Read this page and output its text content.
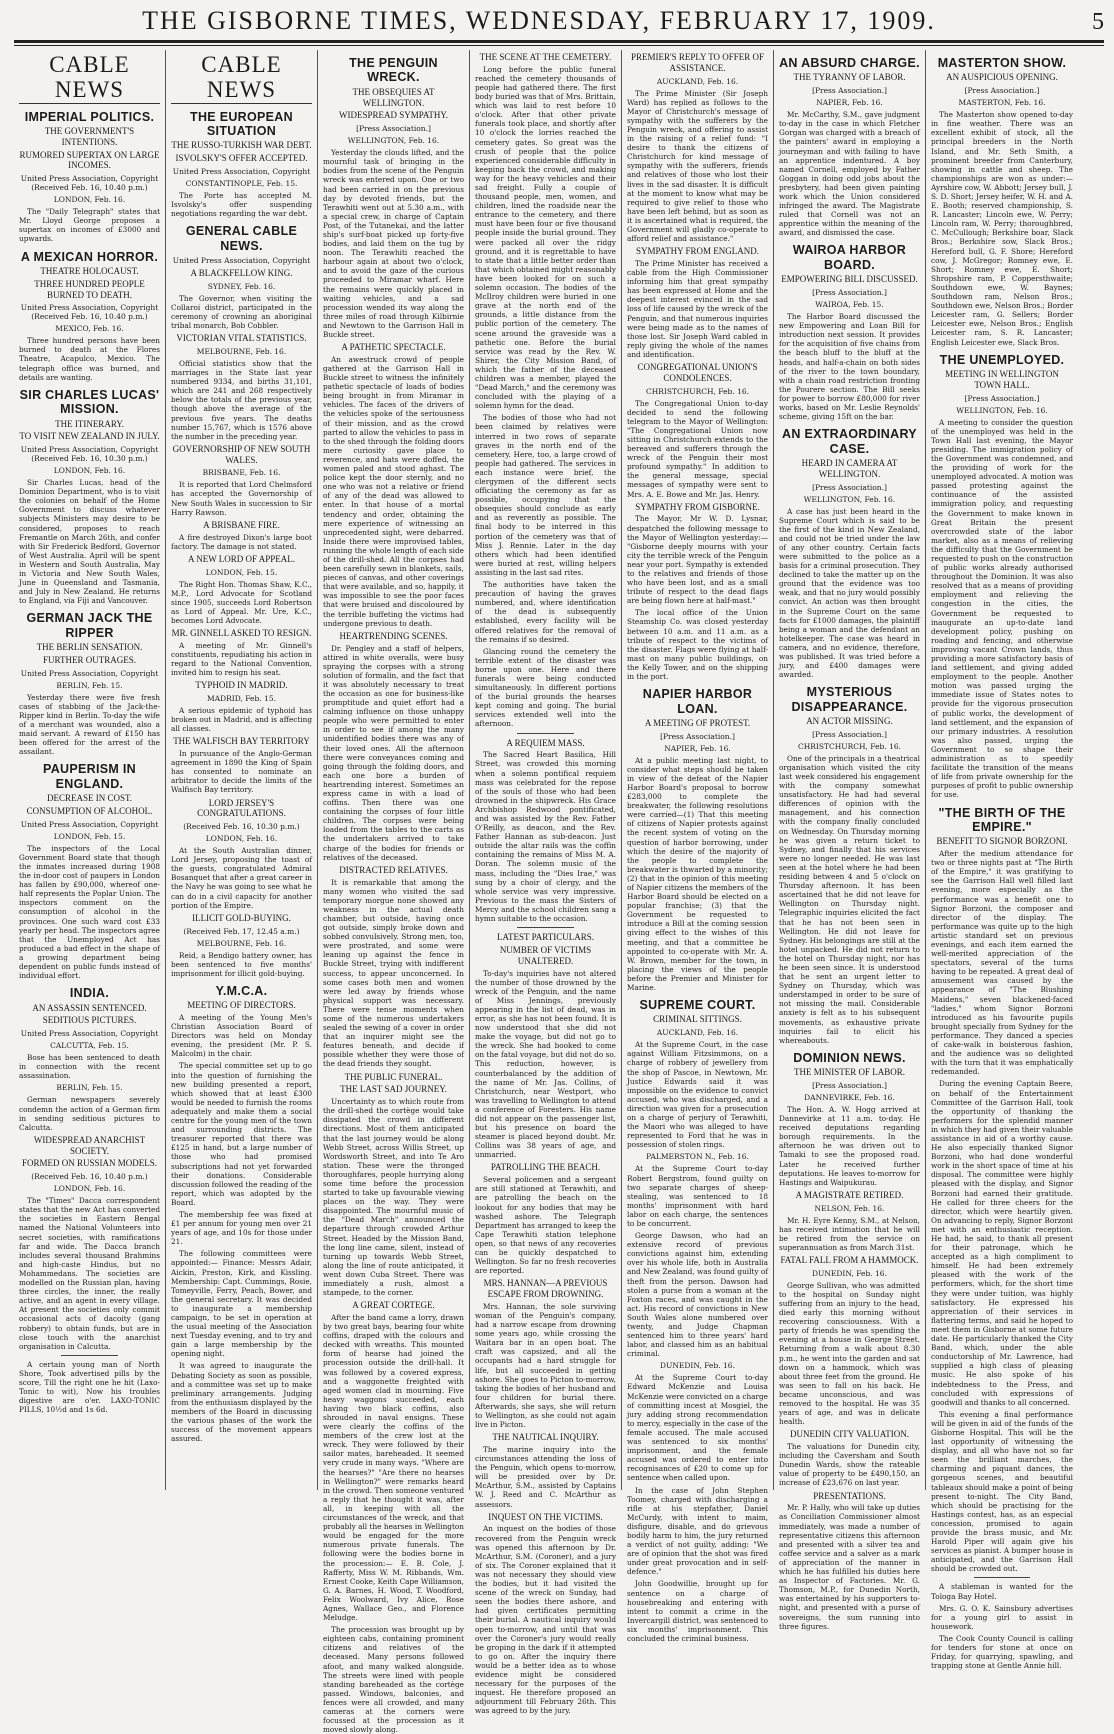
THE GISBORNE TIMES, WEDNESDAY, FEBRUARY 17, 1909.	5
CABLE NEWS
IMPERIAL POLITICS.
THE GOVERNMENT'S INTENTIONS.
RUMORED SUPERTAX ON LARGE INCOMES.
United Press Association, Copyright (Received Feb. 16, 10.40 p.m.)
LONDON, Feb. 16.
The "Daily Telegraph" states that Mr. Lloyd George proposes a supertax on incomes of £3000 and upwards.
A MEXICAN HORROR.
THEATRE HOLOCAUST.
THREE HUNDRED PEOPLE BURNED TO DEATH.
United Press Association, Copyright (Received Feb. 16, 10.40 p.m.)
MEXICO, Feb. 16.
Three hundred persons have been burned to death at the Flores Theatre, Acapulco, Mexico. The telegraph office was burned, and details are wanting.
SIR CHARLES LUCAS' MISSION.
THE ITINERARY.
TO VISIT NEW ZEALAND IN JULY.
United Press Association, Copyright (Received Feb. 16, 10.30 p.m.)
LONDON, Feb. 16.
Sir Charles Lucas, head of the Dominion Department, who is to visit the colonies on behalf of the Home Government to discuss whatever subjects Ministers may desire to be considered, proposes to reach Fremantle on March 26th, and confer with Sir Frederick Bedford, Governor of West Australia. April will be spent in Western and South Australia, May in Victoria and New South Wales, June in Queensland and Tasmania, and July in New Zealand. He returns to England, via Fiji and Vancouver.
GERMAN JACK THE RIPPER
THE BERLIN SENSATION.
FURTHER OUTRAGES.
United Press Association, Copyright
BERLIN, Feb. 15.
Yesterday there were five fresh cases of stabbing of the Jack-the-Ripper kind in Berlin. To-day the wife of a merchant was wounded, also a maid servant. A reward of £150 has been offered for the arrest of the assailant.
PAUPERISM IN ENGLAND.
DECREASE IN COST.
CONSUMPTION OF ALCOHOL.
United Press Association, Copyright
LONDON, Feb. 15.
The inspectors of the Local Government Board state that though the inmates increased during 1908 the in-door cost of paupers in London has fallen by £90,000, whereof one-half represents the Poplar Union. The inspectors comment on the consumption of alcohol in the provinces. One such ward cost £33 yearly per head. The inspectors agree that the Unemployed Act has produced a bad effect in the shape of a growing department being dependent on public funds instead of individual effort.
INDIA.
AN ASSASSIN SENTENCED.
SEDITIOUS PICTURES.
United Press Association, Copyright
CALCUTTA, Feb. 15.
Bose has been sentenced to death in connection with the recent assassination.
BERLIN, Feb. 15.
German newspapers severely condemn the action of a German firm in sending seditious pictures to Calcutta.
WIDESPREAD ANARCHIST SOCIETY.
FORMED ON RUSSIAN MODELS.
(Received Feb. 16, 10.40 p.m.)
LONDON, Feb. 16.
The "Times" Dacca correspondent states that the new Act has converted the societies in Eastern Bengal named the National Volunteers into secret societies, with ramifications far and wide. The Dacca branch includes several thousand Brahmins and high-caste Hindus, but no Mohammedans. The societies are modelled on the Russian plan, having three circles, the inner, the really active, and an agent in every village. At present the societies only commit occasional acts of dacoity (gang robbery) to obtain funds, but are in close touch with the anarchist organisation in Calcutta.
A certain young man of North Shore, Took advertised pills by the score, Till the right one he hit (Laxo-Tonic to wit), Now his troubles digestive are o'er. LAXO-TONIC PILLS, 10½d and 1s 6d.
CABLE NEWS
THE EUROPEAN SITUATION
THE RUSSO-TURKISH WAR DEBT.
ISVOLSKY'S OFFER ACCEPTED.
United Press Association, Copyright
CONSTANTINOPLE, Feb. 15.
The Porte has accepted M. Isvolsky's offer suspending negotiations regarding the war debt.
GENERAL CABLE NEWS.
United Press Association, Copyright
A BLACKFELLOW KING.
SYDNEY, Feb. 16.
The Governor, when visiting the Collaroi district, participated in the ceremony of crowning an aboriginal tribal monarch, Bob Cobbler.
VICTORIAN VITAL STATISTICS.
MELBOURNE, Feb. 16.
Official statistics show that the marriages in the State last year numbered 9334, and births 31,101, which are 241 and 268 respectively below the totals of the previous year, though above the average of the previous five years. The deaths number 15,767, which is 1576 above the number in the preceding year.
GOVERNORSHIP OF NEW SOUTH WALES.
BRISBANE, Feb. 16.
It is reported that Lord Chelmsford has accepted the Governorship of New South Wales in succession to Sir Harry Rawson.
A BRISBANE FIRE.
A fire destroyed Dixon's large boot factory. The damage is not stated.
A NEW LORD OF APPEAL.
LONDON, Feb. 15.
The Right Hon. Thomas Shaw, K.C., M.P., Lord Advocate for Scotland since 1905, succeeds Lord Robertson as Lord of Appeal. Mr. Ure, K.C., becomes Lord Advocate.
MR. GINNELL ASKED TO RESIGN.
A meeting of Mr. Ginnell's constituents, repudiating his action in regard to the National Convention, invited him to resign his seat.
TYPHOID IN MADRID.
MADRID, Feb. 15.
A serious epidemic of typhoid has broken out in Madrid, and is affecting all classes.
THE WALFISCH BAY TERRITORY
In pursuance of the Anglo-German agreement in 1890 the King of Spain has consented to nominate an arbitrator to decide the limits of the Walfisch Bay territory.
LORD JERSEY'S CONGRATULATIONS.
(Received Feb. 16, 10.30 p.m.)
LONDON, Feb. 16.
At the South Australian dinner, Lord Jersey, proposing the toast of the guests, congratulated Admiral Bosanquet that after a great career in the Navy he was going to see what he can do in a civil capacity for another portion of the Empire.
ILLICIT GOLD-BUYING.
(Received Feb. 17, 12.45 a.m.)
MELBOURNE, Feb. 16.
Reid, a Bendigo battery owner, has been sentenced to five months' imprisonment for illicit gold-buying.
Y.M.C.A.
MEETING OF DIRECTORS.
A meeting of the Young Men's Christian Association Board of Directors was held on Monday evening, the president (Mr. P. S. Malcolm) in the chair.
The special committee set up to go into the question of furnishing the new building presented a report, which showed that at least £300 would be needed to furnish the rooms adequately and make them a social centre for the young men of the town and surrounding districts. The treasurer reported that there was £125 in hand, but a large number of those who had promised subscriptions had not yet forwarded their donations. Considerable discussion followed the reading of the report, which was adopted by the Board.
The membership fee was fixed at £1 per annum for young men over 21 years of age, and 10s for those under 21.
The following committees were appointed:— Finance: Messrs Adair, Aickin, Preston, Kirk, and Kissling. Membership: Capt. Cummings, Rosie, Tomeyville, Ferry, Peach, Bower, and the general secretary. It was decided to inaugurate a membership campaign, to be set in operation at the usual meeting of the Association next Tuesday evening, and to try and gain a large membership by the opening night.
It was agreed to inaugurate the Debating Society as soon as possible, and a committee was set up to make preliminary arrangements. Judging from the enthusiasm displayed by the members of the Board in discussing the various phases of the work the success of the movement appears assured.
THE PENGUIN WRECK.
THE OBSEQUIES AT WELLINGTON.
WIDESPREAD SYMPATHY.
[Press Association.]
WELLINGTON, Feb. 16.
Yesterday the clouds lifted, and the mournful task of bringing in the bodies from the scene of the Penguin wreck was entered upon. One or two had been carried in on the previous day by devoted friends, but the Terawhiti went out at 5.30 a.m., with a special crew, in charge of Captain Post, of the Tutanekai, and the latter ship's surf-boat picked up forty-five bodies, and laid them on the tug by noon. The Terawhiti reached the harbour again at about two o'clock, and to avoid the gaze of the curious proceeded to Miramar wharf. Here the remains were quickly placed in waiting vehicles, and a sad procession wended its way along the three miles of road through Kilbirnie and Newtown to the Garrison Hall in Buckle street.
A PATHETIC SPECTACLE.
An awestruck crowd of people gathered at the Garrison Hall in Buckle street to witness the infinitely pathetic spectacle of loads of bodies being brought in from Miramar in vehicles. The faces of the drivers of the vehicles spoke of the seriousness of their mission, and as the crowd parted to allow the vehicles to pass in to the shed through the folding doors mere curiosity gave place to reverence, and hats were doffed, the women paled and stood aghast. The police kept the door sternly, and no one who was not a relative or friend of any of the dead was allowed to enter. In that house of a mortal tendency and order, obtaining the mere experience of witnessing an unprecedented sight, were debarred. Inside there were improvised tables, running the whole length of each side of the drill-shed. All the corpses had been carefully sewn in blankets, sails, pieces of canvas, and other coverings that were available, and so, happily, it was impossible to see the poor faces that were bruised and discoloured by the terrible buffeting the victims had undergone previous to death.
HEARTRENDING SCENES.
Dr. Pengley and a staff of helpers, attired in white overalls, were busy spraying the corpses with a strong solution of formalin, and the fact that it was absolutely necessary to treat the occasion as one for business-like promptitude and quiet effort had a calming influence on those unhappy people who were permitted to enter in order to see if among the many unidentified bodies there was any of their loved ones. All the afternoon there were conveyances coming and going through the folding doors, and each one bore a burden of heartrending interest. Sometimes an express came in with a load of coffins. Then there was one containing the corpses of four little children. The corpses were being loaded from the tables to the carts as the undertakers arrived to take charge of the bodies for friends or relatives of the deceased.
DISTRACTED RELATIVES.
It is remarkable that among the many women who visited the sad temporary morgue none showed any weakness in the actual death chamber, but outside, having once got outside, simply broke down and sobbed convulsively. Strong men, too, were prostrated, and some were leaning up against the fence in Buckle Street, trying with indifferent success, to appear unconcerned. In some cases both men and women were led away by friends whose physical support was necessary. There were tense moments when some of the numerous undertakers sealed the sewing of a cover in order that an inquirer might see the features beneath, and decide if possible whether they were those of the dead friends they sought.
THE PUBLIC FUNERAL.
THE LAST SAD JOURNEY.
Uncertainty as to which route from the drill-shed the cortège would take dissipated the crowd in different directions. Most of them anticipated that the last journey would be along Webb Street, across Willis Street, up Wordsworth Street, and into Te Aro station. These were the thronged thoroughfares, people hurrying along some time before the procession started to take up favourable viewing places on the way. They were disappointed. The mournful music of the "Dead March" announced the departure through crowded Arthur Street. Headed by the Mission Band, the long line came, silent, instead of turning up towards Webb Street, along the line of route anticipated, it went down Cuba Street. There was immediately a rush, almost a stampede, to the corner.
A GREAT CORTEGE.
After the band came a lorry, drawn by two great bays, bearing four white coffins, draped with the colours and decked with wreaths. This mounted form of hearse had joined the procession outside the drill-hall. It was followed by a covered express, and a waggonette freighted with aged women clad in mourning. Five heavy waggons succeeded, each having two black coffins, also shrouded in naval ensigns. These were clearly the coffins of the members of the crew lost at the wreck. They were followed by their sailor mates, bareheaded. It seemed very crude in many ways. "Where are the hearses?" "Are there no hearses in Wellington?" were remarks heard in the crowd. Then someone ventured a reply that he thought it was, after all, in keeping with all the circumstances of the wreck, and that probably all the hearses in Wellington would be engaged for the more numerous private funerals. The following were the bodies borne in the procession:— E. B. Cole, J. Rafferty, Miss W. M. Ribbands, Wm. Ernest Cooke, Keith Cape Williamson, G. A. Barnes, H. Wood, T. Woodford, Felix Woolward, Ivy Alice, Rose Agnes, Wallace Geo., and Florence Meludge.
The procession was brought up by eighteen cabs, containing prominent citizens and relatives of the deceased. Many persons followed afoot, and many walked alongside. The streets were lined with people standing bareheaded as the cortège passed. Windows, balconies, and fences were all crowded, and many cameras at the corners were focussed at the procession as it moved slowly along.
THE SCENE AT THE CEMETERY.
Long before the public funeral reached the cemetery thousands of people had gathered there. The first body buried was that of Mrs. Brittain, which was laid to rest before 10 o'clock. After that other private funerals took place, and shortly after 10 o'clock the lorries reached the cemetery gates. So great was the crush of people that the police experienced considerable difficulty in keeping back the crowd, and making way for the heavy vehicles and their sad freight. Fully a couple of thousand people, men, women, and children, lined the roadside near the entrance to the cemetery, and there must have been four or five thousand people inside the burial ground. They were packed all over the ridgy ground, and it is regrettable to have to state that a little better order than that which obtained might reasonably have been looked for on such a solemn occasion. The bodies of the McIlroy children were buried in one grave at the north end of the grounds, a little distance from the public portion of the cemetery. The scene around the graveside was a pathetic one. Before the burial service was read by the Rev. W. Shirer, the City Mission Band, of which the father of the deceased children was a member, played the "Dead March," and the ceremony was concluded with the playing of a solemn hymn for the dead.
The bodies of those who had not been claimed by relatives were interred in two rows of separate graves in the north end of the cemetery. Here, too, a large crowd of people had gathered. The services in each instance were brief, the clergymen of the different sects officiating the ceremony as far as possible, occupying that the obsequies should conclude as early and as reverently as possible. The final body to be interred in this portion of the cemetery was that of Miss J. Rennie. Later in the day others which had been identified were buried at rest, willing helpers assisting in the last sad rites.
The authorities have taken the precaution of having the graves numbered, and, where identification of the dead is subsequently established, every facility will be offered relatives for the removal of the remains if so desired.
Glancing round the cemetery the terrible extent of the disaster was borne upon one. Here and there funerals were being conducted simultaneously. In different portions of the burial grounds the hearses kept coming and going. The burial services extended well into the afternoon.
A REQUIEM MASS.
The Sacred Heart Basilica, Hill Street, was crowded this morning when a solemn pontifical requiem mass was celebrated for the repose of the souls of those who had been drowned in the shipwreck. His Grace Archbishop Redwood pontificated, and was assisted by the Rev. Father O'Reilly, as deacon, and the Rev. Father Hannan as sub-deacon. Just outside the altar rails was the coffin containing the remains of Miss M. A. Doran. The solemn music of the mass, including the "Dies Irae," was sung by a choir of clergy, and the whole service was very impressive. Previous to the mass the Sisters of Mercy and the school children sang a hymn suitable to the occasion.
LATEST PARTICULARS.
NUMBER OF VICTIMS UNALTERED.
To-day's inquiries have not altered the number of those drowned by the wreck of the Penguin, and the name of Miss Jennings, previously appearing in the list of dead, was in error, as she has not been found. It is now understood that she did not make the voyage, but did not go to the wreck. She had booked to come on the fatal voyage, but did not do so. This reduction, however, is counterbalanced by the addition of the name of Mr. Jas. Collins, of Christchurch, near Westport, who was travelling to Wellington to attend a conference of Foresters. His name did not appear on the passenger list, but his presence on board the steamer is placed beyond doubt. Mr. Collins was 38 years of age, and unmarried.
PATROLLING THE BEACH.
Several policemen and a sergeant are still stationed at Terawhiti, and are patrolling the beach on the lookout for any bodies that may be washed ashore. The Telegraph Department has arranged to keep the Cape Terawhiti station telephone open, so that news of any recoveries can be quickly despatched to Wellington. So far no fresh recoveries are reported.
MRS. HANNAN—A PREVIOUS ESCAPE FROM DROWNING.
Mrs. Hannan, the sole surviving woman of the Penguin's company, had a narrow escape from drowning some years ago, while crossing the Waitara bar in an open boat. The craft was capsized, and all the occupants had a hard struggle for life, but all succeeded in getting ashore. She goes to Picton to-morrow, taking the bodies of her husband and four children for burial there. Afterwards, she says, she will return to Wellington, as she could not again live in Picton.
THE NAUTICAL INQUIRY.
The marine inquiry into the circumstances attending the loss of the Penguin, which opens to-morrow, will be presided over by Dr. McArthur, S.M., assisted by Captains W. J. Reed and C. McArthur as assessors.
INQUEST ON THE VICTIMS.
An inquest on the bodies of those recovered from the Penguin wreck was opened this afternoon by Dr. McArthur, S.M. (Coroner), and a jury of six. The Coroner explained that it was not necessary they should view the bodies, but it had visited the scene of the wreck on Sunday, had seen the bodies there ashore, and had given certificates permitting their burial. A nautical inquiry would open to-morrow, and until that was over the Coroner's jury would really be groping in the dark if it attempted to go on. After the inquiry there would be a better idea as to whose evidence might be considered necessary for the purposes of the inquest. He therefore proposed an adjournment till February 26th. This was agreed to by the jury.
PREMIER'S REPLY TO OFFER OF ASSISTANCE.
AUCKLAND, Feb. 16.
The Prime Minister (Sir Joseph Ward) has replied as follows to the Mayor of Christchurch's message of sympathy with the sufferers by the Penguin wreck, and offering to assist in the raising of a relief fund: "I desire to thank the citizens of Christchurch for kind message of sympathy with the sufferers, friends and relatives of those who lost their lives in the sad disaster. It is difficult at the moment to know what may be required to give relief to those who have been left behind, but as soon as it is ascertained what is required, the Government will gladly co-operate to afford relief and assistance."
SYMPATHY FROM ENGLAND.
The Prime Minister has received a cable from the High Commissioner informing him that great sympathy has been expressed at Home and the deepest interest evinced in the sad loss of life caused by the wreck of the Penguin, and that numerous inquiries were being made as to the names of those lost. Sir Joseph Ward cabled in reply giving the whole of the names and identification.
CONGREGATIONAL UNION'S CONDOLENCES.
CHRISTCHURCH, Feb. 16.
The Congregational Union to-day decided to send the following telegram to the Mayor of Wellington: "The Congregational Union now sitting in Christchurch extends to the bereaved and sufferers through the wreck of the Penguin their most profound sympathy." In addition to the general message, special messages of sympathy were sent to Mrs. A. E. Bowe and Mr. Jas. Henry.
SYMPATHY FROM GISBORNE.
The Mayor, Mr W. D. Lysnar, despatched the following message to the Mayor of Wellington yesterday:— "Gisborne deeply mourns with your city the terrible wreck of the Penguin near your port. Sympathy is extended to the relatives and friends of those who have been lost, and as a small tribute of respect to the dead flags are being flown here at half-mast."
The local office of the Union Steamship Co. was closed yesterday between 10 a.m. and 11 a.m. as a tribute of respect to the victims of the disaster. Flags were flying at half-mast on many public buildings, on the Kelly Tower, and on the shipping in the port.
NAPIER HARBOR LOAN.
A MEETING OF PROTEST.
[Press Association.]
NAPIER, Feb. 16.
At a public meeting last night, to consider what steps should be taken in view of the defeat of the Napier Harbor Board's proposal to borrow £283,000 to complete the breakwater, the following resolutions were carried—(1) That this meeting of citizens of Napier protests against the recent system of voting on the question of harbor borrowing, under which the desire of the majority of the people to complete the breakwater is thwarted by a minority; (2) that in the opinion of this meeting of Napier citizens the members of the Harbor Board should be elected on a popular franchise; (3) that the Government be requested to introduce a Bill at the coming session giving effect to the wishes of this meeting, and that a committee be appointed to co-operate with Mr. A. W. Brown, member for the town, in placing the views of the people before the Premier and Minister for Marine.
SUPREME COURT.
CRIMINAL SITTINGS.
AUCKLAND, Feb. 16.
At the Supreme Court, in the case against William Fitzsimmons, on a charge of robbery of jewellery from the shop of Pascoe, in Newtown, Mr. Justice Edwards said it was impossible on the evidence to convict accused, who was discharged, and a direction was given for a prosecution on a charge of perjury of Terawhiti, the Maori who was alleged to have represented to Ford that he was in possession of stolen rings.
PALMERSTON N., Feb. 16.
At the Supreme Court to-day Robert Bergstrom, found guilty on two separate charges of sheep-stealing, was sentenced to 18 months' imprisonment with hard labor on each charge, the sentences to be concurrent.
George Dawson, who had an extensive record of previous convictions against him, extending over his whole life, both in Australia and New Zealand, was found guilty of theft from the person. Dawson had stolen a purse from a woman at the Foxton races, and was caught in the act. His record of convictions in New South Wales alone numbered over twenty, and Judge Chapman sentenced him to three years' hard labor, and classed him as an habitual criminal.
DUNEDIN, Feb. 16.
At the Supreme Court to-day Edward McKenzie and Louisa McKenzie were convicted on a charge of committing incest at Mosgiel, the jury adding strong recommendation to mercy, especially in the case of the female accused. The male accused was sentenced to six months' imprisonment, and the female accused was ordered to enter into recognisances of £20 to come up for sentence when called upon.
In the case of John Stephen Toomey, charged with discharging a rifle at his stepfather, Daniel McCurdy, with intent to maim, disfigure, disable, and do grievous bodily harm to him, the jury returned a verdict of not guilty, adding: "We are of opinion that the shot was fired under great provocation and in self-defence."
John Goodwillie, brought up for sentence on a charge of housebreaking and entering with intent to commit a crime in the Invercargill district, was sentenced to six months' imprisonment. This concluded the criminal business.
AN ABSURD CHARGE.
THE TYRANNY OF LABOR.
[Press Association.]
NAPIER, Feb. 16.
Mr. McCarthy, S.M., gave judgment to-day in the case in which Fletcher Gorgan was charged with a breach of the painters' award in employing a journeyman and with failing to have an apprentice indentured. A boy named Cornell, employed by Father Goggan in doing odd jobs about the presbytery, had been given painting work which the Union considered infringed the award. The Magistrate ruled that Cornell was not an apprentice within the meaning of the award, and dismissed the case.
WAIROA HARBOR BOARD.
EMPOWERING BILL DISCUSSED.
[Press Association.]
WAIROA, Feb. 15.
The Harbor Board discussed the new Empowering and Loan Bill for introduction next session. It provides for the acquisition of five chains from the beach bluff to the bluff at the heads, and half-a-chain on both sides of the river to the town boundary, with a chain road restriction fronting the Pourere section. The Bill seeks for power to borrow £80,000 for river works, based on Mr. Leslie Reynolds' scheme, giving 15ft on the bar.
AN EXTRAORDINARY CASE.
HEARD IN CAMERA AT WELLINGTON.
[Press Association.]
WELLINGTON, Feb. 16.
A case has just been heard in the Supreme Court which is said to be the first of the kind in New Zealand, and could not be tried under the law of any other country. Certain facts were submitted to the police as a basis for a criminal prosecution. They declined to take the matter up on the ground that the evidence was too weak, and that no jury would possibly convict. An action was then brought in the Supreme Court on the same facts for £1000 damages, the plaintiff being a woman and the defendant an hotelkeeper. The case was heard in camera, and no evidence, therefore, was published. It was tried before a jury, and £400 damages were awarded.
MYSTERIOUS DISAPPEARANCE.
AN ACTOR MISSING.
[Press Association.]
CHRISTCHURCH, Feb. 16.
One of the principals in a theatrical organisation which visited the city last week considered his engagement with the company somewhat unsatisfactory. He had had several differences of opinion with the management, and his connection with the company finally concluded on Wednesday. On Thursday morning he was given a return ticket to Sydney, and finally that his services were no longer needed. He was last seen at the hotel where he had been residing between 4 and 5 o'clock on Thursday afternoon. It has been ascertained that he did not leave for Wellington on Thursday night. Telegraphic inquiries elicited the fact that he has not been seen in Wellington. He did not leave for Sydney. His belongings are still at the hotel unpacked. He did not return to the hotel on Thursday night, nor has he been seen since. It is understood that he sent an urgent letter to Sydney on Thursday, which was understamped in order to be sure of not missing the mail. Considerable anxiety is felt as to his subsequent movements, as exhaustive private inquiries fail to elicit his whereabouts.
DOMINION NEWS.
THE MINISTER OF LABOR.
[Press Association.]
DANNEVIRKE, Feb. 16.
The Hon. A. W. Hogg arrived at Dannevirke at 11 a.m. to-day. He received deputations regarding borough requirements. In the afternoon he was driven out to Tamaki to see the proposed road. Later he received further deputations. He leaves to-morrow for Hastings and Waipukurau.
A MAGISTRATE RETIRED.
NELSON, Feb. 16.
Mr. H. Eyre Kenny, S.M., at Nelson, has received intimation that he will be retired from the service on superannuation as from March 31st.
FATAL FALL FROM A HAMMOCK.
DUNEDIN, Feb. 16.
George Sullivan, who was admitted to the hospital on Sunday night suffering from an injury to the head, died early this morning without recovering consciousness. With a party of friends he was spending the evening at a house in George Street. Returning from a walk about 8.30 p.m., he went into the garden and sat down on a hammock, which was about three feet from the ground. He was seen to fall on his back. He became unconscious, and was removed to the hospital. He was 35 years of age, and was in delicate health.
DUNEDIN CITY VALUATION.
The valuations for Dunedin city, including the Caversham and South Dunedin Wards, show the rateable value of property to be £490,150, an increase of £23,676 on last year.
PRESENTATIONS.
Mr. P. Hally, who will take up duties as Conciliation Commissioner almost immediately, was made a number of representative citizens this afternoon and presented with a silver tea and coffee service and a salver as a mark of appreciation of the manner in which he has fulfilled his duties here as Inspector of Factories. Mr. G. Thomson, M.P., for Dunedin North, was entertained by his supporters to-night, and presented with a purse of sovereigns, the sum running into three figures.
MASTERTON SHOW.
AN AUSPICIOUS OPENING.
[Press Association.]
MASTERTON, Feb. 16.
The Masterton show opened to-day in fine weather. There was an excellent exhibit of stock, all the principal breeders in the North Island, and Mr. Seth Smith, a prominent breeder from Canterbury, showing in cattle and sheep. The championships are won as under:—Ayrshire cow, W. Abbott; Jersey bull, J. S. D. Short; Jersey heifer, W. H. and A. E. Booth; reserved championship, S. R. Lancaster; Lincoln ewe, W. Perry; Lincoln ram, W. Perry; thoroughbred, C. McCullough; Berkshire boar, Slack Bros.; Berkshire sow, Slack Bros.; Hereford bull, G. F. Shore; Hereford cow, J. McGregor; Romney ewe, E. Short; Romney ewe, E. Short; Shropshire ram, P. Coppersthwaite; Southdown ewe, W. Baynes; Southdown ram, Nelson Bros.; Southdown ewe, Nelson Bros.; Border Leicester ram, G. Sellers; Border Leicester ewe, Nelson Bros.; English Leicester ram, S. R. Lancaster; English Leicester ewe, Slack Bros.
THE UNEMPLOYED.
MEETING IN WELLINGTON TOWN HALL.
[Press Association.]
WELLINGTON, Feb. 16.
A meeting to consider the question of the unemployed was held in the Town Hall last evening, the Mayor presiding. The immigration policy of the Government was condemned, and the providing of work for the unemployed advocated. A motion was passed protesting against the continuance of the assisted immigration policy, and requesting the Government to make known in Great Britain the present overcrowded state of the labor market, also as a means of relieving the difficulty that the Government be requested to push on the construction of public works already authorised throughout the Dominion. It was also resolved that as a means of providing employment and relieving the congestion in the cities, the Government be requested to inaugurate an up-to-date land development policy, pushing on roading and fencing, and otherwise improving vacant Crown lands, thus providing a more satisfactory basis of land settlement, and giving added employment to the people. Another motion was passed urging the immediate issue of States notes to provide for the vigorous prosecution of public works, the development of land settlement, and the expansion of our primary industries. A resolution was also passed, urging the Government to so shape their administration as to speedily facilitate the transition of the means of life from private ownership for the purposes of profit to public ownership for use.
"THE BIRTH OF THE EMPIRE."
BENEFIT TO SIGNOR BORZONI.
After the medium attendance for two or three nights past at "The Birth of the Empire," it was gratifying to see the Garrison Hall well filled last evening, more especially as the performance was a benefit one to Signor Borzoni, the composer and director of the display. The performance was quite up to the high artistic standard set on previous evenings, and each item earned the well-merited appreciation of the spectators, several of the turns having to be repeated. A great deal of amusement was caused by the appearance of "The Blushing Maidens," seven blackened-faced "ladies," whom Signor Borzoni introduced as his favourite pupils brought specially from Sydney for the performance. They danced a species of cake-walk in boisterous fashion, and the audience was so delighted with the turn that it was emphatically redemanded.
During the evening Captain Beere, on behalf of the Entertainment Committee of the Garrison Hall, took the opportunity of thanking the performers for the splendid manner in which they had given their valuable assistance in aid of a worthy cause. He also especially thanked Signor Borzoni, who had done wonderful work in the short space of time at his disposal. The committee were highly pleased with the display, and Signor Borzoni had earned their gratitude. He called for three cheers for the director, which were heartily given. On advancing to reply, Signor Borzoni met with an enthusiastic reception. He had, he said, to thank all present for their patronage, which he accepted as a high compliment to himself. He had been extremely pleased with the work of the performers, which, for the short time they were under tuition, was highly satisfactory. He expressed his appreciation of their services in flattering terms, and said he hoped to meet them in Gisborne at some future date. He particularly thanked the City Band, which, under the able conductorship of Mr. Lawrence, had supplied a high class of pleasing music. He also spoke of his indebtedness to the Press, and concluded with expressions of goodwill and thanks to all concerned.
This evening a final performance will be given in aid of the funds of the Gisborne Hospital. This will be the last opportunity of witnessing the display, and all who have not so far seen the brilliant marches, the charming and piquant dances, the gorgeous scenes, and beautiful tableaux should make a point of being present to-night. The City Band, which should be practising for the Hastings contest, has, as an especial concession, promised to again provide the brass music, and Mr. Harold Piper will again give his services as pianist. A bumper house is anticipated, and the Garrison Hall should be crowded out.
A stableman is wanted for the Tologa Bay Hotel.
Mrs. G. O. K. Sainsbury advertises for a young girl to assist in housework.
The Cook County Council is calling for tenders for stone at once on Friday, for quarrying, spawling, and trapping stone at Gentle Annie hill.
